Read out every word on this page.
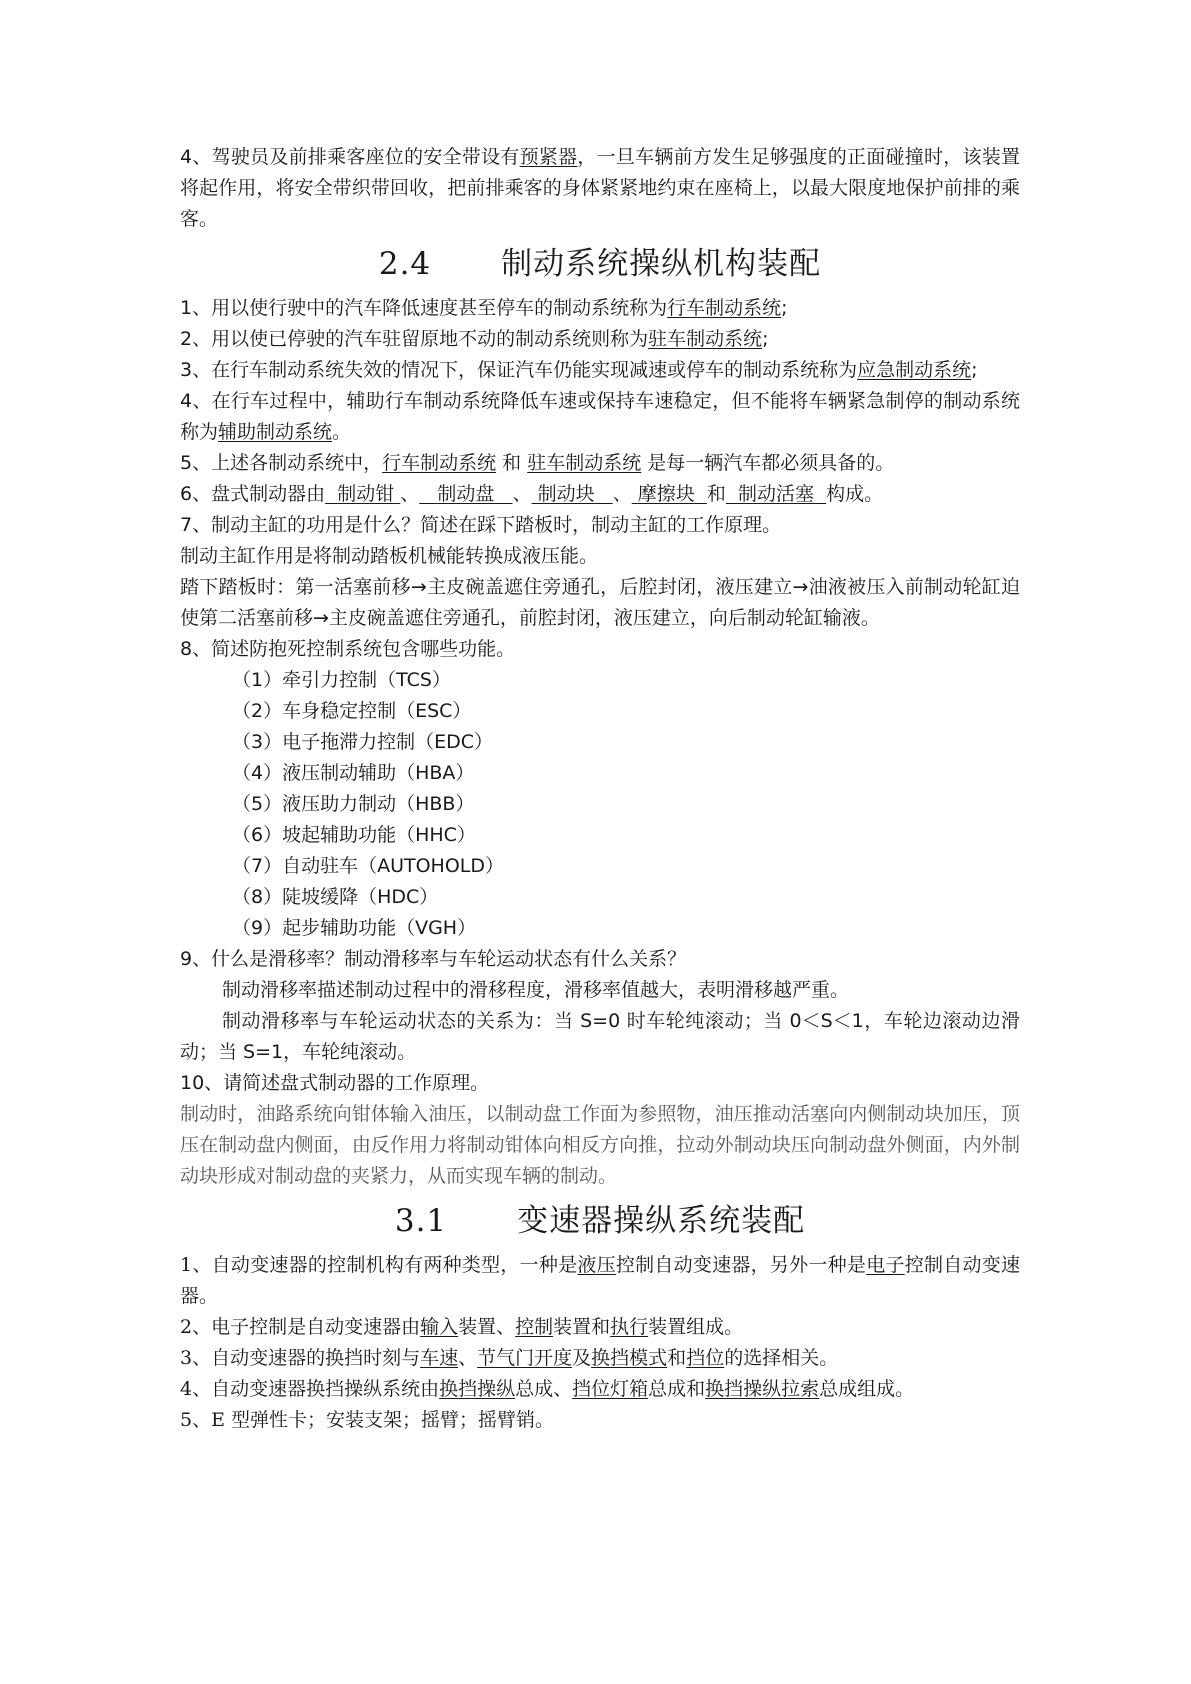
4、驾驶员及前排乘客座位的安全带设有预紧器，一旦车辆前方发生足够强度的正面碰撞时，该装置将起作用，将安全带织带回收，把前排乘客的身体紧紧地约束在座椅上，以最大限度地保护前排的乘客。

2.4 制动系统操纵机构装配

1、用以使行驶中的汽车降低速度甚至停车的制动系统称为行车制动系统;

2、用以使已停驶的汽车驻留原地不动的制动系统则称为驻车制动系统;

3、在行车制动系统失效的情况下，保证汽车仍能实现减速或停车的制动系统称为应急制动系统;

4、在行车过程中，辅助行车制动系统降低车速或保持车速稳定，但不能将车辆紧急制停的制动系统称为辅助制动系统。

5、上述各制动系统中，行车制动系统 和 驻车制动系统 是每一辆汽车都必须具备的。

6、盘式制动器由 制动钳 、 制动盘 、 制动块 、 摩擦块 和 制动活塞 构成。

7、制动主缸的功用是什么？简述在踩下踏板时，制动主缸的工作原理。

制动主缸作用是将制动踏板机械能转换成液压能。

踏下踏板时：第一活塞前移→主皮碗盖遮住旁通孔，后腔封闭，液压建立→油液被压入前制动轮缸迫使第二活塞前移→主皮碗盖遮住旁通孔，前腔封闭，液压建立，向后制动轮缸输液。

8、简述防抱死控制系统包含哪些功能。

（1）牵引力控制（TCS）

（2）车身稳定控制（ESC）

（3）电子拖滞力控制（EDC）

（4）液压制动辅助（HBA）

（5）液压助力制动（HBB）

（6）坡起辅助功能（HHC）

（7）自动驻车（AUTOHOLD）

（8）陡坡缓降（HDC）

（9）起步辅助功能（VGH）

9、什么是滑移率？制动滑移率与车轮运动状态有什么关系？

制动滑移率描述制动过程中的滑移程度，滑移率值越大，表明滑移越严重。

制动滑移率与车轮运动状态的关系为：当 S=0 时车轮纯滚动；当 0＜S＜1，车轮边滚动边滑动；当 S=1，车轮纯滚动。

10、请简述盘式制动器的工作原理。

制动时，油路系统向钳体输入油压，以制动盘工作面为参照物，油压推动活塞向内侧制动块加压，顶压在制动盘内侧面，由反作用力将制动钳体向相反方向推，拉动外制动块压向制动盘外侧面，内外制动块形成对制动盘的夹紧力，从而实现车辆的制动。

3.1 变速器操纵系统装配

1、自动变速器的控制机构有两种类型，一种是液压控制自动变速器，另外一种是电子控制自动变速器。

2、电子控制是自动变速器由输入装置、控制装置和执行装置组成。

3、自动变速器的换挡时刻与车速、节气门开度及换挡模式和挡位的选择相关。

4、自动变速器换挡操纵系统由换挡操纵总成、挡位灯箱总成和换挡操纵拉索总成组成。

5、E 型弹性卡；安装支架；摇臂；摇臂销。
